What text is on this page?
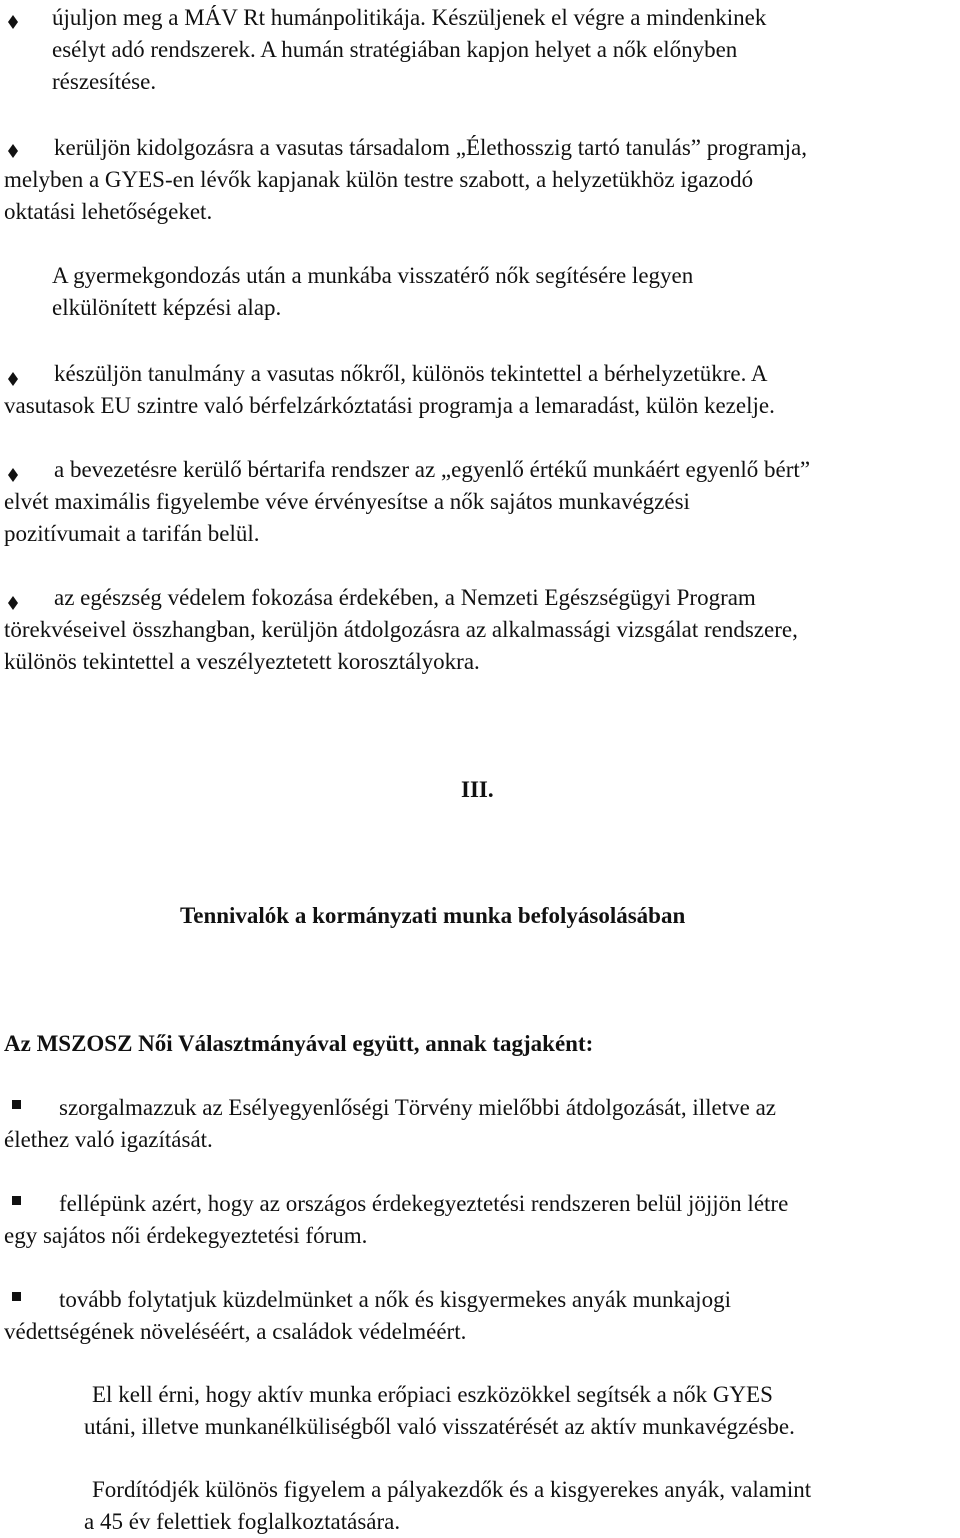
újuljon meg a MÁV Rt humánpolitikája. Készüljenek el végre a mindenkinek
esélyt adó rendszerek. A humán stratégiában kapjon helyet a nők előnyben
részesítése.
kerüljön kidolgozásra a vasutas társadalom „Élethosszig tartó tanulás” programja,
melyben a GYES-en lévők kapjanak külön testre szabott, a helyzetükhöz igazodó
oktatási lehetőségeket.
A gyermekgondozás után a munkába visszatérő nők segítésére legyen
elkülönített képzési alap.
készüljön tanulmány a vasutas nőkről, különös tekintettel a bérhelyzetükre. A
vasutasok EU szintre való bérfelzárkóztatási programja a lemaradást, külön kezelje.
a bevezetésre kerülő bértarifa rendszer az „egyenlő értékű munkáért egyenlő bért”
elvét maximális figyelembe véve érvényesítse a nők sajátos munkavégzési
pozitívumait a tarifán belül.
az egészség védelem fokozása érdekében, a Nemzeti Egészségügyi Program
törekvéseivel összhangban, kerüljön átdolgozásra az alkalmassági vizsgálat rendszere,
különös tekintettel a veszélyeztetett korosztályokra.
III.
Tennivalók a kormányzati munka befolyásolásában
Az MSZOSZ Női Választmányával együtt, annak tagjaként:
szorgalmazzuk az Esélyegyenlőségi Törvény mielőbbi átdolgozását, illetve az
élethez való igazítását.
fellépünk azért, hogy az országos érdekegyeztetési rendszeren belül jöjjön létre
egy sajátos női érdekegyeztetési fórum.
tovább folytatjuk küzdelmünket a nők és kisgyermekes anyák munkajogi
védettségének növeléséért, a családok védelméért.
El kell érni, hogy aktív munka erőpiaci eszközökkel segítsék a nők GYES
utáni, illetve munkanélküliségből való visszatérését az aktív munkavégzésbe.
Fordítódjék különös figyelem a pályakezdők és a kisgyerekes anyák, valamint
a 45 év felettiek foglalkoztatására.
